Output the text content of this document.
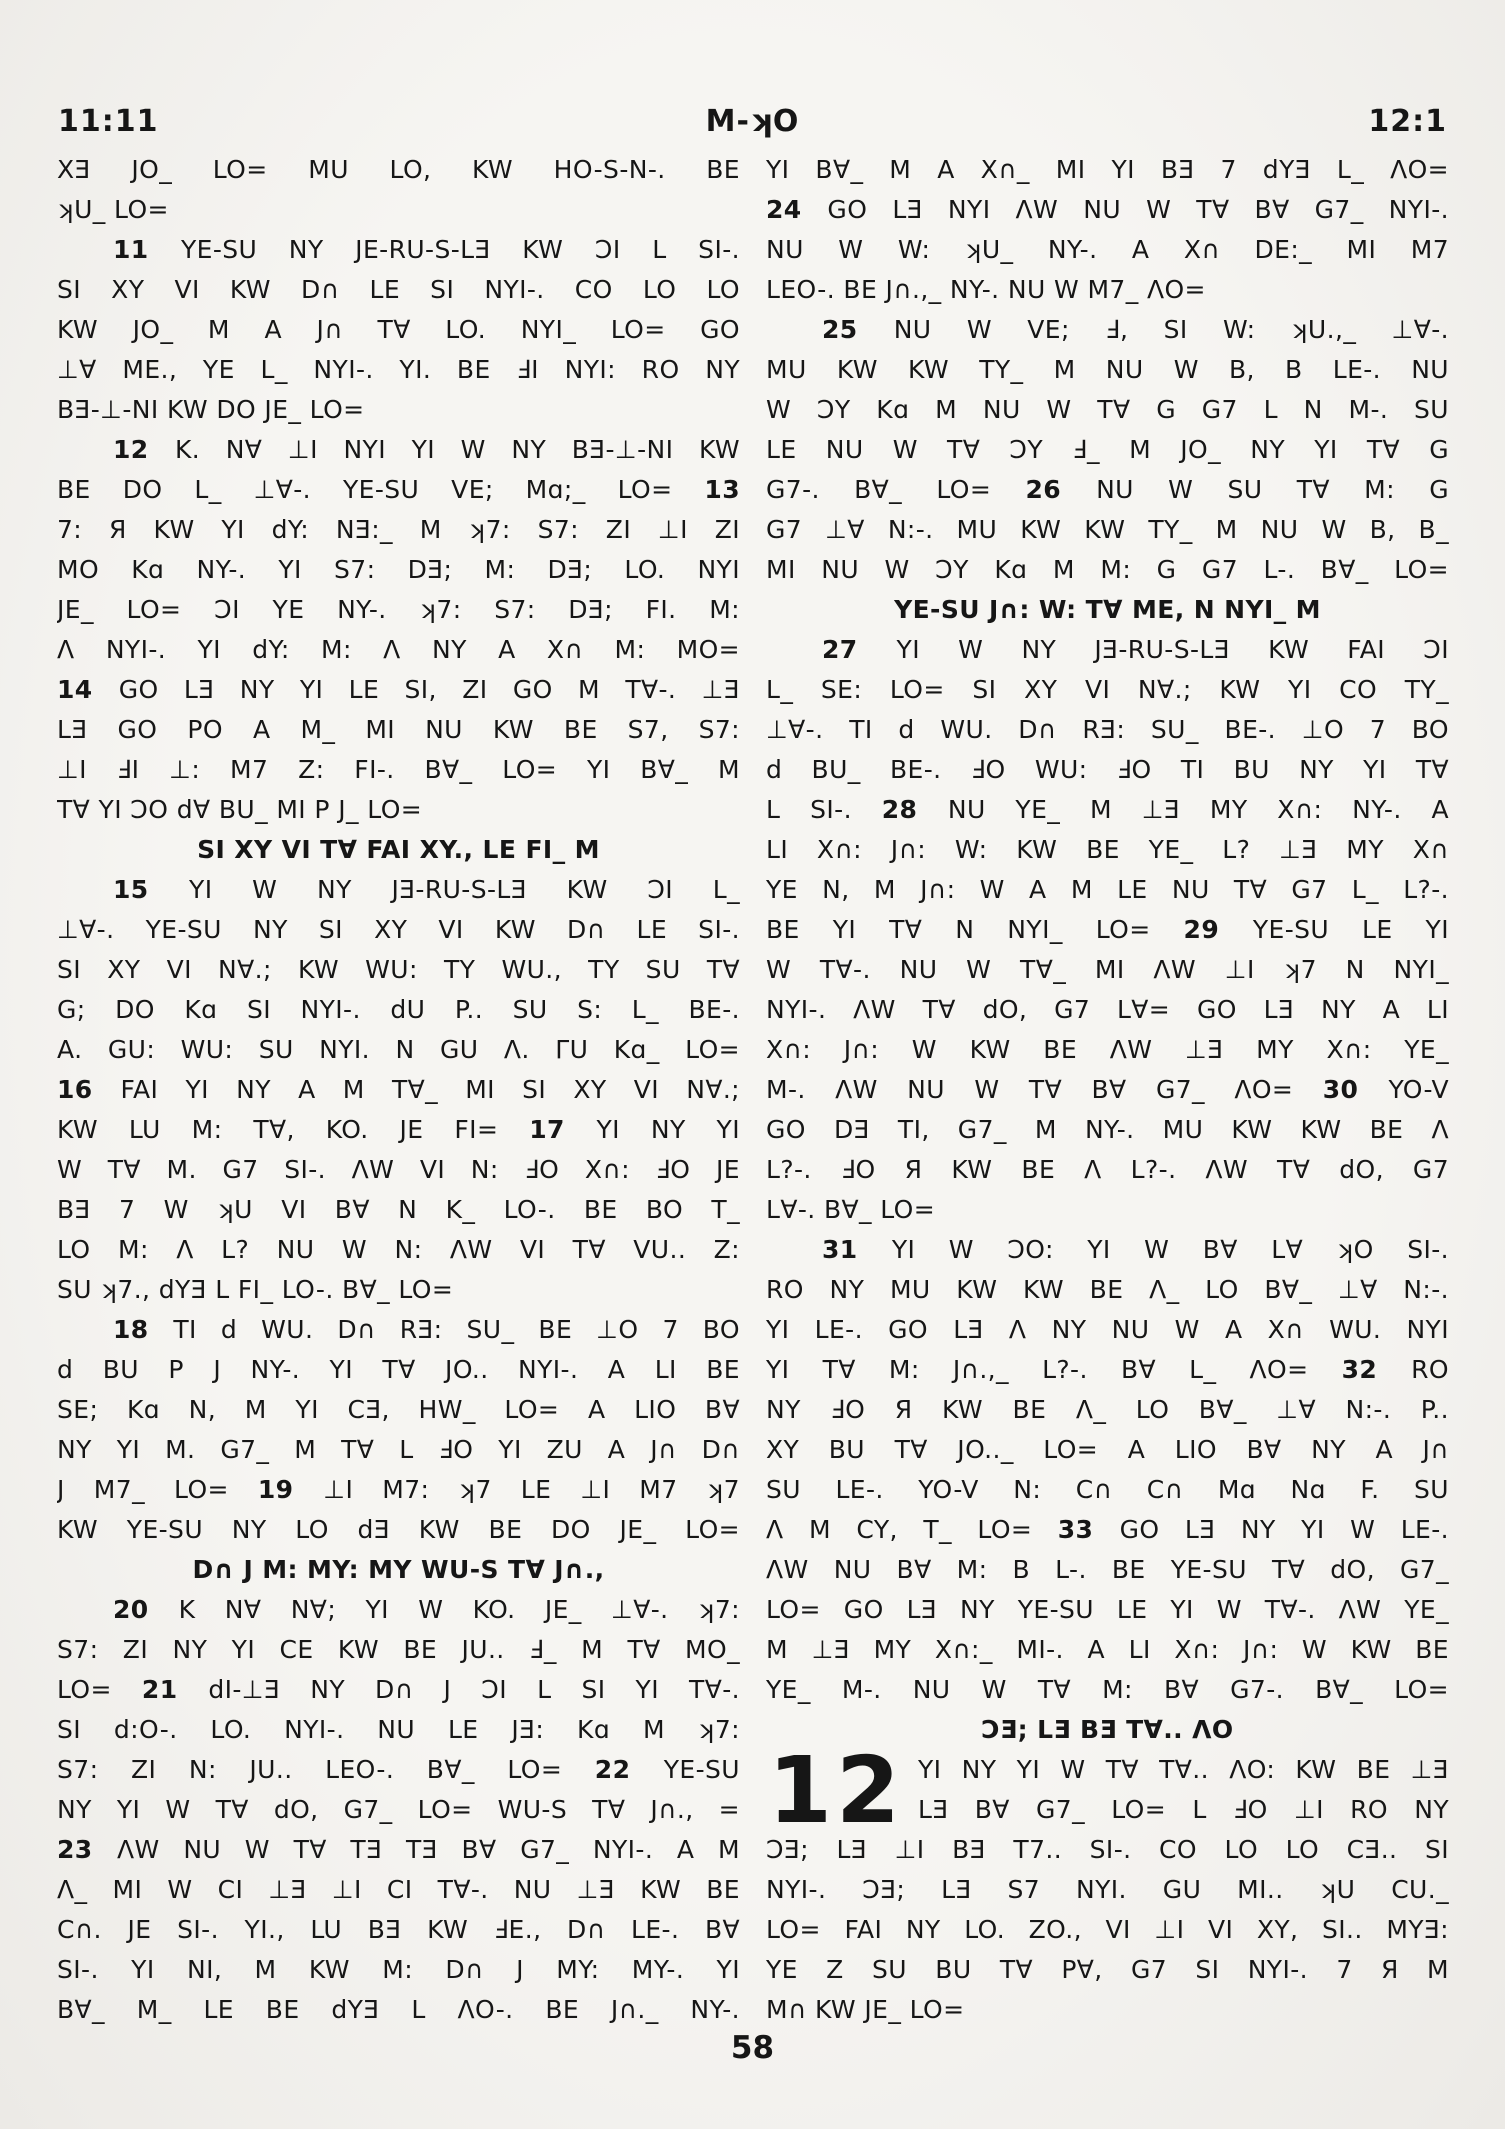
11:11	M-ʞO	12:1
XƎ JO_ LO= MU LO, KW HO-S-N-. BE
ʞU_ LO=
11 YE-SU NY JE-RU-S-LƎ KW ƆI L SI-.
SI XY VI KW D∩ LE SI NYI-. CO LO LO
KW JO_ M A J∩ T∀ LO. NYI_ LO= GO
⊥∀ ME., YE L_ NYI-. YI. BE ℲI NYI: RO NY
BƎ-⊥-NI KW DO JE_ LO=
12 K. N∀ ⊥I NYI YI W NY BƎ-⊥-NI KW
BE DO L_ ⊥∀-. YE-SU VE; Mɑ;_ LO= 13
7: Я KW YI dY: NƎ:_ M ʞ7: S7: ZI ⊥I ZI
MO Kɑ NY-. YI S7: DƎ; M: DƎ; LO. NYI
JE_ LO= ƆI YE NY-. ʞ7: S7: DƎ; FI. M:
Λ NYI-. YI dY: M: Λ NY A X∩ M: MO=
14 GO LƎ NY YI LE SI, ZI GO M T∀-. ⊥Ǝ
LƎ GO PO A M_ MI NU KW BE S7, S7:
⊥I ℲI ⊥: M7 Z: FI-. B∀_ LO= YI B∀_ M
T∀ YI ƆO d∀ BU_ MI P J_ LO=
SI XY VI T∀ FAI XY., LE FI_ M
15 YI W NY JƎ-RU-S-LƎ KW ƆI L_
⊥∀-. YE-SU NY SI XY VI KW D∩ LE SI-.
SI XY VI N∀.; KW WU: TY WU., TY SU T∀
G; DO Kɑ SI NYI-. dU P.. SU S: L_ BE-.
A. GU: WU: SU NYI. N GU Λ. ΓU Kɑ_ LO=
16 FAI YI NY A M T∀_ MI SI XY VI N∀.;
KW LU M: T∀, KO. JE FI= 17 YI NY YI
W T∀ M. G7 SI-. ΛW VI N: ℲO X∩: ℲO JE
BƎ 7 W ʞU VI B∀ N K_ LO-. BE BO T_
LO M: Λ L? NU W N: ΛW VI T∀ VU.. Z:
SU ʞ7., dYƎ L FI_ LO-. B∀_ LO=
18 TI d WU. D∩ RƎ: SU_ BE ⊥O 7 BO
d BU P J NY-. YI T∀ JO.. NYI-. A LI BE
SE; Kɑ N, M YI CƎ, HW_ LO= A LIO B∀
NY YI M. G7_ M T∀ L ℲO YI ZU A J∩ D∩
J M7_ LO= 19 ⊥I M7: ʞ7 LE ⊥I M7 ʞ7
KW YE-SU NY LO dƎ KW BE DO JE_ LO=
D∩ J M: MY: MY WU-S T∀ J∩.,
20 K N∀ N∀; YI W KO. JE_ ⊥∀-. ʞ7:
S7: ZI NY YI CE KW BE JU.. Ⅎ_ M T∀ MO_
LO= 21 dI-⊥Ǝ NY D∩ J ƆI L SI YI T∀-.
SI d:O-. LO. NYI-. NU LE JƎ: Kɑ M ʞ7:
S7: ZI N: JU.. LEO-. B∀_ LO= 22 YE-SU
NY YI W T∀ dO, G7_ LO= WU-S T∀ J∩., =
23 ΛW NU W T∀ TƎ TƎ B∀ G7_ NYI-. A M
Λ_ MI W CI ⊥Ǝ ⊥I CI T∀-. NU ⊥Ǝ KW BE
C∩. JE SI-. YI., LU BƎ KW ℲE., D∩ LE-. B∀
SI-. YI NI, M KW M: D∩ J MY: MY-. YI
B∀_ M_ LE BE dYƎ L ΛO-. BE J∩._ NY-.
YI B∀_ M A X∩_ MI YI BƎ 7 dYƎ L_ ΛO=
24 GO LƎ NYI ΛW NU W T∀ B∀ G7_ NYI-.
NU W W: ʞU_ NY-. A X∩ DE:_ MI M7
LEO-. BE J∩.,_ NY-. NU W M7_ ΛO=
25 NU W VE; Ⅎ, SI W: ʞU.,_ ⊥∀-.
MU KW KW TY_ M NU W B, B LE-. NU
W ƆY Kɑ M NU W T∀ G G7 L N M-. SU
LE NU W T∀ ƆY Ⅎ_ M JO_ NY YI T∀ G
G7-. B∀_ LO= 26 NU W SU T∀ M: G
G7 ⊥∀ N:-. MU KW KW TY_ M NU W B, B_
MI NU W ƆY Kɑ M M: G G7 L-. B∀_ LO=
YE-SU J∩: W: T∀ ME, N NYI_ M
27 YI W NY JƎ-RU-S-LƎ KW FAI ƆI
L_ SE: LO= SI XY VI N∀.; KW YI CO TY_
⊥∀-. TI d WU. D∩ RƎ: SU_ BE-. ⊥O 7 BO
d BU_ BE-. ℲO WU: ℲO TI BU NY YI T∀
L SI-. 28 NU YE_ M ⊥Ǝ MY X∩: NY-. A
LI X∩: J∩: W: KW BE YE_ L? ⊥Ǝ MY X∩
YE N, M J∩: W A M LE NU T∀ G7 L_ L?-.
BE YI T∀ N NYI_ LO= 29 YE-SU LE YI
W T∀-. NU W T∀_ MI ΛW ⊥I ʞ7 N NYI_
NYI-. ΛW T∀ dO, G7 L∀= GO LƎ NY A LI
X∩: J∩: W KW BE ΛW ⊥Ǝ MY X∩: YE_
M-. ΛW NU W T∀ B∀ G7_ ΛO= 30 YO-V
GO DƎ TI, G7_ M NY-. MU KW KW BE Λ
L?-. ℲO Я KW BE Λ L?-. ΛW T∀ dO, G7
L∀-. B∀_ LO=
31 YI W ƆO: YI W B∀ L∀ ʞO SI-.
RO NY MU KW KW BE Λ_ LO B∀_ ⊥∀ N:-.
YI LE-. GO LƎ Λ NY NU W A X∩ WU. NYI
YI T∀ M: J∩.,_ L?-. B∀ L_ ΛO= 32 RO
NY ℲO Я KW BE Λ_ LO B∀_ ⊥∀ N:-. P..
XY BU T∀ JO.._ LO= A LIO B∀ NY A J∩
SU LE-. YO-V N: C∩ C∩ Mɑ Nɑ F. SU
Λ M CY, T_ LO= 33 GO LƎ NY YI W LE-.
ΛW NU B∀ M: B L-. BE YE-SU T∀ dO, G7_
LO= GO LƎ NY YE-SU LE YI W T∀-. ΛW YE_
M ⊥Ǝ MY X∩:_ MI-. A LI X∩: J∩: W KW BE
YE_ M-. NU W T∀ M: B∀ G7-. B∀_ LO=
ƆƎ; LƎ BƎ T∀.. ΛO
12 YI NY YI W T∀ T∀.. ΛO: KW BE ⊥Ǝ
LƎ B∀ G7_ LO= L ℲO ⊥I RO NY
ƆƎ; LƎ ⊥I BƎ T7.. SI-. CO LO LO CƎ.. SI
NYI-. ƆƎ; LƎ S7 NYI. GU MI.. ʞU CU._
LO= FAI NY LO. ZO., VI ⊥I VI XY, SI.. MYƎ:
YE Z SU BU T∀ P∀, G7 SI NYI-. 7 Я M
M∩ KW JE_ LO=
58
